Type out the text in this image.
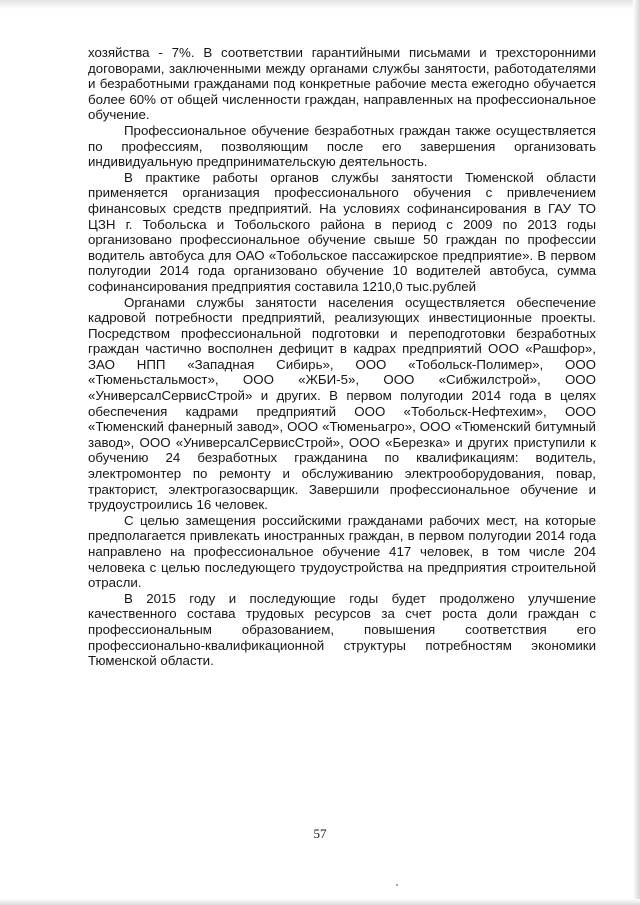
хозяйства - 7%. В соответствии гарантийными письмами и трехсторонними договорами, заключенными между органами службы занятости, работодателями и безработными гражданами под конкретные рабочие места ежегодно обучается более 60% от общей численности граждан, направленных на профессиональное обучение.

Профессиональное обучение безработных граждан также осуществляется по профессиям, позволяющим после его завершения организовать индивидуальную предпринимательскую деятельность.

В практике работы органов службы занятости Тюменской области применяется организация профессионального обучения с привлечением финансовых средств предприятий. На условиях софинансирования в ГАУ ТО ЦЗН г. Тобольска и Тобольского района в период с 2009 по 2013 годы организовано профессиональное обучение свыше 50 граждан по профессии водитель автобуса для ОАО «Тобольское пассажирское предприятие». В первом полугодии 2014 года организовано обучение 10 водителей автобуса, сумма софинансирования предприятия составила 1210,0 тыс.рублей

Органами службы занятости населения осуществляется обеспечение кадровой потребности предприятий, реализующих инвестиционные проекты. Посредством профессиональной подготовки и переподготовки безработных граждан частично восполнен дефицит в кадрах предприятий ООО «Рашфор», ЗАО НПП «Западная Сибирь», ООО «Тобольск-Полимер», ООО «Тюменьстальмост», ООО «ЖБИ-5», ООО «Сибжилстрой», ООО «УниверсалСервисСтрой» и других. В первом полугодии 2014 года в целях обеспечения кадрами предприятий ООО «Тобольск-Нефтехим», ООО «Тюменский фанерный завод», ООО «Тюменьагро», ООО «Тюменский битумный завод», ООО «УниверсалСервисСтрой», ООО «Березка» и других приступили к обучению 24 безработных гражданина по квалификациям: водитель, электромонтер по ремонту и обслуживанию электрооборудования, повар, тракторист, электрогазосварщик. Завершили профессиональное обучение и трудоустроились 16 человек.

С целью замещения российскими гражданами рабочих мест, на которые предполагается привлекать иностранных граждан, в первом полугодии 2014 года направлено на профессиональное обучение 417 человек, в том числе 204 человека с целью последующего трудоустройства на предприятия строительной отрасли.

В 2015 году и последующие годы будет продолжено улучшение качественного состава трудовых ресурсов за счет роста доли граждан с профессиональным образованием, повышения соответствия его профессионально-квалификационной структуры потребностям экономики Тюменской области.

57
